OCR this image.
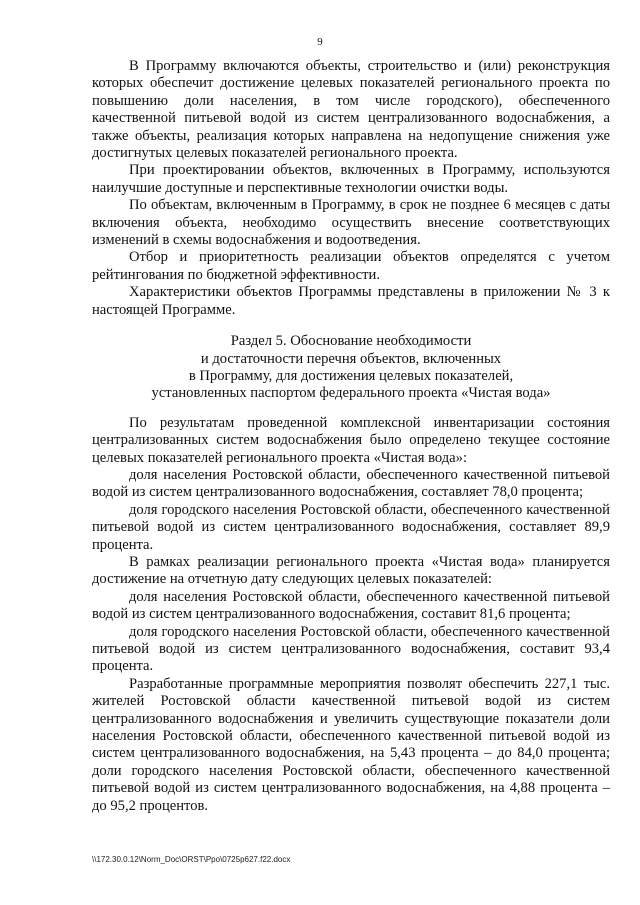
9

В Программу включаются объекты, строительство и (или) реконструкция которых обеспечит достижение целевых показателей регионального проекта по повышению доли населения, в том числе городского), обеспеченного качественной питьевой водой из систем централизованного водоснабжения, а также объекты, реализация которых направлена на недопущение снижения уже достигнутых целевых показателей регионального проекта.

При проектировании объектов, включенных в Программу, используются наилучшие доступные и перспективные технологии очистки воды.

По объектам, включенным в Программу, в срок не позднее 6 месяцев с даты включения объекта, необходимо осуществить внесение соответствующих изменений в схемы водоснабжения и водоотведения.

Отбор и приоритетность реализации объектов определятся с учетом рейтингования по бюджетной эффективности.

Характеристики объектов Программы представлены в приложении № 3 к настоящей Программе.

Раздел 5. Обоснование необходимости
и достаточности перечня объектов, включенных
в Программу, для достижения целевых показателей,
установленных паспортом федерального проекта «Чистая вода»

По результатам проведенной комплексной инвентаризации состояния централизованных систем водоснабжения было определено текущее состояние целевых показателей регионального проекта «Чистая вода»:

доля населения Ростовской области, обеспеченного качественной питьевой водой из систем централизованного водоснабжения, составляет 78,0 процента;

доля городского населения Ростовской области, обеспеченного качественной питьевой водой из систем централизованного водоснабжения, составляет 89,9 процента.

В рамках реализации регионального проекта «Чистая вода» планируется достижение на отчетную дату следующих целевых показателей:

доля населения Ростовской области, обеспеченного качественной питьевой водой из систем централизованного водоснабжения, составит 81,6 процента;

доля городского населения Ростовской области, обеспеченного качественной питьевой водой из систем централизованного водоснабжения, составит 93,4 процента.

Разработанные программные мероприятия позволят обеспечить 227,1 тыс. жителей Ростовской области качественной питьевой водой из систем централизованного водоснабжения и увеличить существующие показатели доли населения Ростовской области, обеспеченного качественной питьевой водой из систем централизованного водоснабжения, на 5,43 процента – до 84,0 процента; доли городского населения Ростовской области, обеспеченного качественной питьевой водой из систем централизованного водоснабжения, на 4,88 процента – до 95,2 процентов.

\\172.30.0.12\Norm_Doc\ORST\Ppo\0725p627.f22.docx
